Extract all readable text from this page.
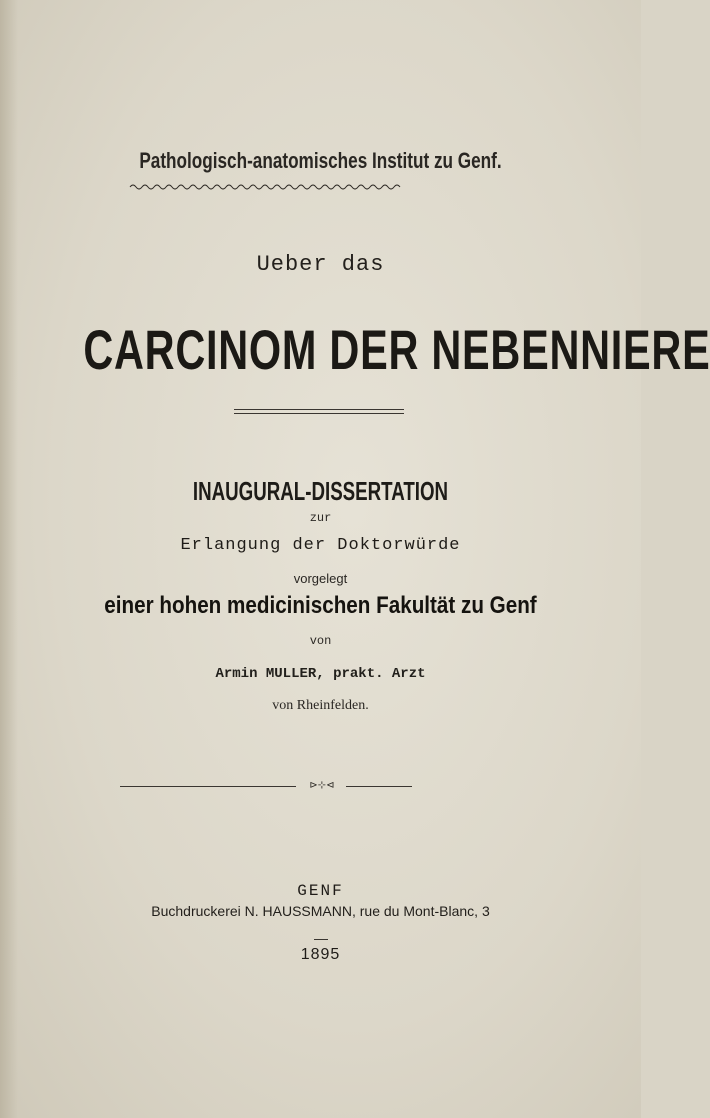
Pathologisch-anatomisches Institut zu Genf.
Ueber das
CARCINOM DER NEBENNIERE
INAUGURAL-DISSERTATION
zur
Erlangung der Doktorwürde
vorgelegt
einer hohen medicinischen Fakultät zu Genf
von
Armin MULLER, prakt. Arzt
von Rheinfelden.
⊳⊹⊲
GENF
Buchdruckerei N. HAUSSMANN, rue du Mont-Blanc, 3
1895
